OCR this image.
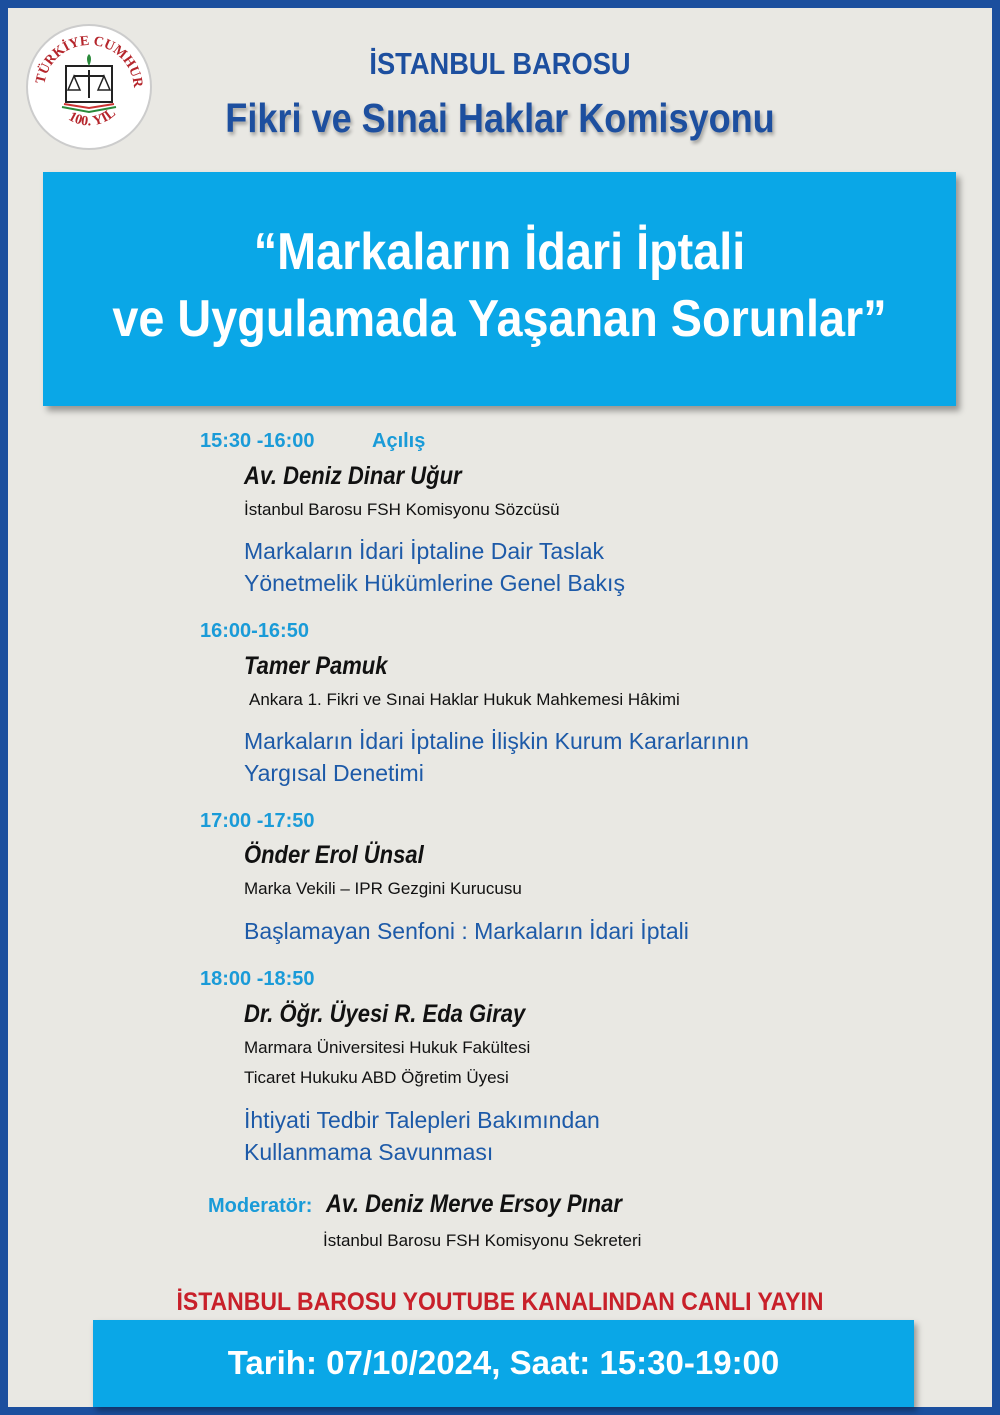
TÜRKİYE CUMHUR
100. YIL
İSTANBUL BAROSU
Fikri ve Sınai Haklar Komisyonu
“Markaların İdari İptali
ve Uygulamada Yaşanan Sorunlar”
15:30 -16:00	Açılış
Av. Deniz Dinar Uğur
İstanbul Barosu FSH Komisyonu Sözcüsü
Markaların İdari İptaline Dair Taslak
Yönetmelik Hükümlerine Genel Bakış
16:00-16:50
Tamer Pamuk
Ankara 1. Fikri ve Sınai Haklar Hukuk Mahkemesi Hâkimi
Markaların İdari İptaline İlişkin Kurum Kararlarının
Yargısal Denetimi
17:00 -17:50
Önder Erol Ünsal
Marka Vekili – IPR Gezgini Kurucusu
Başlamayan Senfoni : Markaların İdari İptali
18:00 -18:50
Dr. Öğr. Üyesi R. Eda Giray
Marmara Üniversitesi Hukuk Fakültesi
Ticaret Hukuku ABD Öğretim Üyesi
İhtiyati Tedbir Talepleri Bakımından
Kullanmama Savunması
Moderatör: Av. Deniz Merve Ersoy Pınar
İstanbul Barosu FSH Komisyonu Sekreteri
İSTANBUL BAROSU YOUTUBE KANALINDAN CANLI YAYIN
Tarih: 07/10/2024, Saat: 15:30-19:00
